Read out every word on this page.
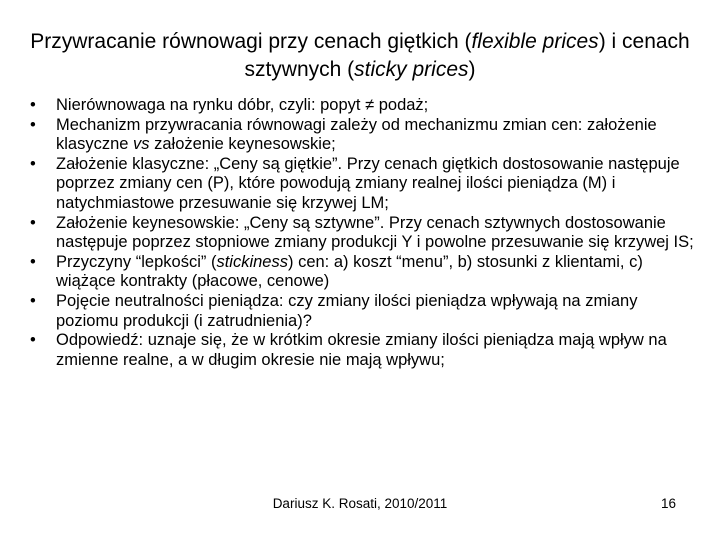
Przywracanie równowagi przy cenach giętkich (flexible prices) i cenach sztywnych (sticky prices)
• Nierównowaga na rynku dóbr, czyli: popyt ≠ podaż;
• Mechanizm przywracania równowagi zależy od mechanizmu zmian cen: założenie klasyczne vs założenie keynesowskie;
• Założenie klasyczne: „Ceny są giętkie”. Przy cenach giętkich dostosowanie następuje poprzez zmiany cen (P), które powodują zmiany realnej ilości pieniądza (M) i natychmiastowe przesuwanie się krzywej LM;
• Założenie keynesowskie: „Ceny są sztywne”. Przy cenach sztywnych dostosowanie następuje poprzez stopniowe zmiany produkcji Y i powolne przesuwanie się krzywej IS;
• Przyczyny “lepkości” (stickiness) cen: a) koszt “menu”, b) stosunki z klientami, c) wiążące kontrakty (płacowe, cenowe)
• Pojęcie neutralności pieniądza: czy zmiany ilości pieniądza wpływają na zmiany poziomu produkcji (i zatrudnienia)?
• Odpowiedź: uznaje się, że w krótkim okresie zmiany ilości pieniądza mają wpływ na zmienne realne, a w długim okresie nie mają wpływu;
Dariusz K. Rosati, 2010/2011	16
